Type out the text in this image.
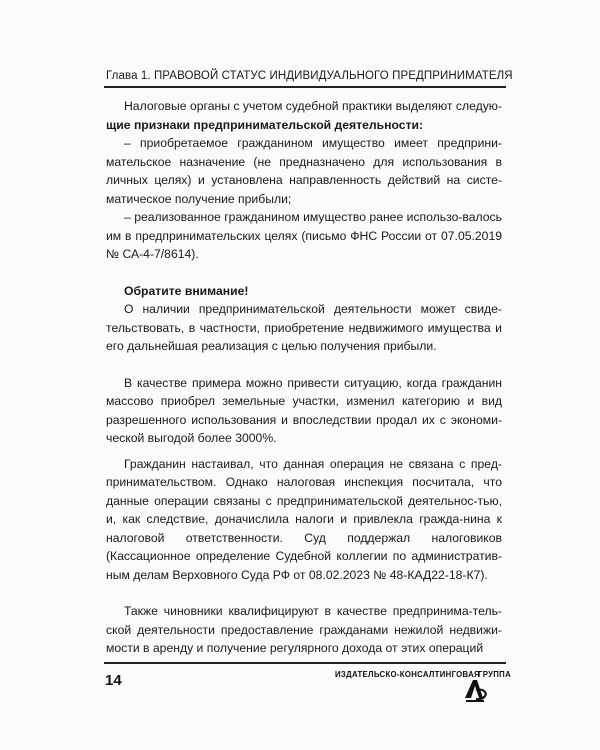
Глава 1. ПРАВОВОЙ СТАТУС ИНДИВИДУАЛЬНОГО ПРЕДПРИНИМАТЕЛЯ

Налоговые органы с учетом судебной практики выделяют следую- щие признаки предпринимательской деятельности:

– приобретаемое гражданином имущество имеет предприни-мательское назначение (не предназначено для использования в личных целях) и установлена направленность действий на систе-матическое получение прибыли;

– реализованное гражданином имущество ранее использо-валось им в предпринимательских целях (письмо ФНС России от 07.05.2019 № СА-4-7/8614).

Обратите внимание!

О наличии предпринимательской деятельности может свиде-тельствовать, в частности, приобретение недвижимого имущества и его дальнейшая реализация с целью получения прибыли.

В качестве примера можно привести ситуацию, когда гражданин массово приобрел земельные участки, изменил категорию и вид разрешенного использования и впоследствии продал их с экономи-ческой выгодой более 3000%.

Гражданин настаивал, что данная операция не связана с пред-принимательством. Однако налоговая инспекция посчитала, что данные операции связаны с предпринимательской деятельнос-тью, и, как следствие, доначислила налоги и привлекла гражда-нина к налоговой ответственности. Суд поддержал налоговиков (Кассационное определение Судебной коллегии по административ-ным делам Верховного Суда РФ от 08.02.2023 № 48-КАД22-18-К7).

Также чиновники квалифицируют в качестве предпринима-тель-ской деятельности предоставление гражданами нежилой недвижи-мости в аренду и получение регулярного дохода от этих операций

14	ИЗДАТЕЛЬСКО-КОНСАЛТИНГОВАЯ
ГРУППА
